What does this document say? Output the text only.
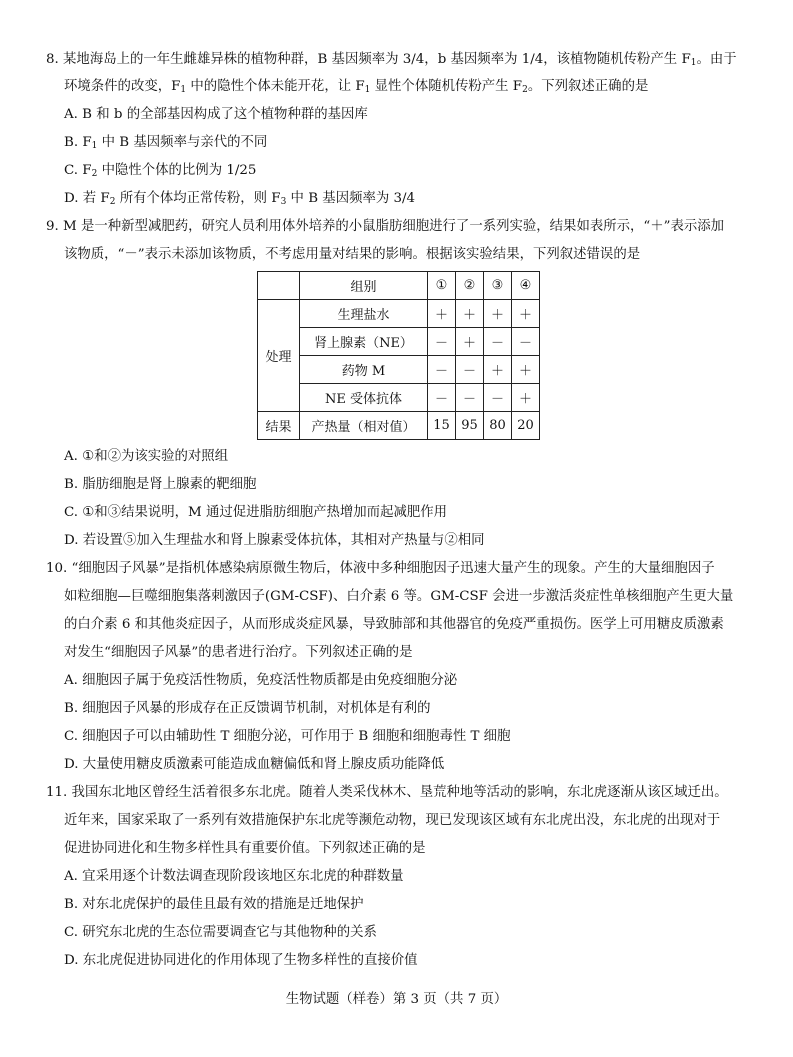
8. 某地海岛上的一年生雌雄异株的植物种群，B 基因频率为 3/4，b 基因频率为 1/4，该植物随机传粉产生 $F_1$。由于
环境条件的改变，$F_1$ 中的隐性个体未能开花，让 $F_1$ 显性个体随机传粉产生 $F_2$。下列叙述正确的是
A. B 和 b 的全部基因构成了这个植物种群的基因库
B. $F_1$ 中 B 基因频率与亲代的不同
C. $F_2$ 中隐性个体的比例为 1/25
D. 若 $F_2$ 所有个体均正常传粉，则 $F_3$ 中 B 基因频率为 3/4
9. M 是一种新型减肥药，研究人员利用体外培养的小鼠脂肪细胞进行了一系列实验，结果如表所示，“＋”表示添加
该物质，“－”表示未添加该物质，不考虑用量对结果的影响。根据该实验结果，下列叙述错误的是
	组别	①	②	③	④
处理	生理盐水	＋	＋	＋	＋
	肾上腺素（NE）	－	＋	－	－
	药物 M	－	－	＋	＋
	NE 受体抗体	－	－	－	＋
结果	产热量（相对值）	15	95	80	20
A. ①和②为该实验的对照组
B. 脂肪细胞是肾上腺素的靶细胞
C. ①和③结果说明，M 通过促进脂肪细胞产热增加而起减肥作用
D. 若设置⑤加入生理盐水和肾上腺素受体抗体，其相对产热量与②相同
10. “细胞因子风暴”是指机体感染病原微生物后，体液中多种细胞因子迅速大量产生的现象。产生的大量细胞因子
如粒细胞—巨噬细胞集落刺激因子(GM-CSF)、白介素 6 等。GM-CSF 会进一步激活炎症性单核细胞产生更大量
的白介素 6 和其他炎症因子，从而形成炎症风暴，导致肺部和其他器官的免疫严重损伤。医学上可用糖皮质激素
对发生“细胞因子风暴”的患者进行治疗。下列叙述正确的是
A. 细胞因子属于免疫活性物质，免疫活性物质都是由免疫细胞分泌
B. 细胞因子风暴的形成存在正反馈调节机制，对机体是有利的
C. 细胞因子可以由辅助性 T 细胞分泌，可作用于 B 细胞和细胞毒性 T 细胞
D. 大量使用糖皮质激素可能造成血糖偏低和肾上腺皮质功能降低
11. 我国东北地区曾经生活着很多东北虎。随着人类采伐林木、垦荒种地等活动的影响，东北虎逐渐从该区域迁出。
近年来，国家采取了一系列有效措施保护东北虎等濒危动物，现已发现该区域有东北虎出没，东北虎的出现对于
促进协同进化和生物多样性具有重要价值。下列叙述正确的是
A. 宜采用逐个计数法调查现阶段该地区东北虎的种群数量
B. 对东北虎保护的最佳且最有效的措施是迁地保护
C. 研究东北虎的生态位需要调查它与其他物种的关系
D. 东北虎促进协同进化的作用体现了生物多样性的直接价值
生物试题（样卷）第 3 页（共 7 页）
